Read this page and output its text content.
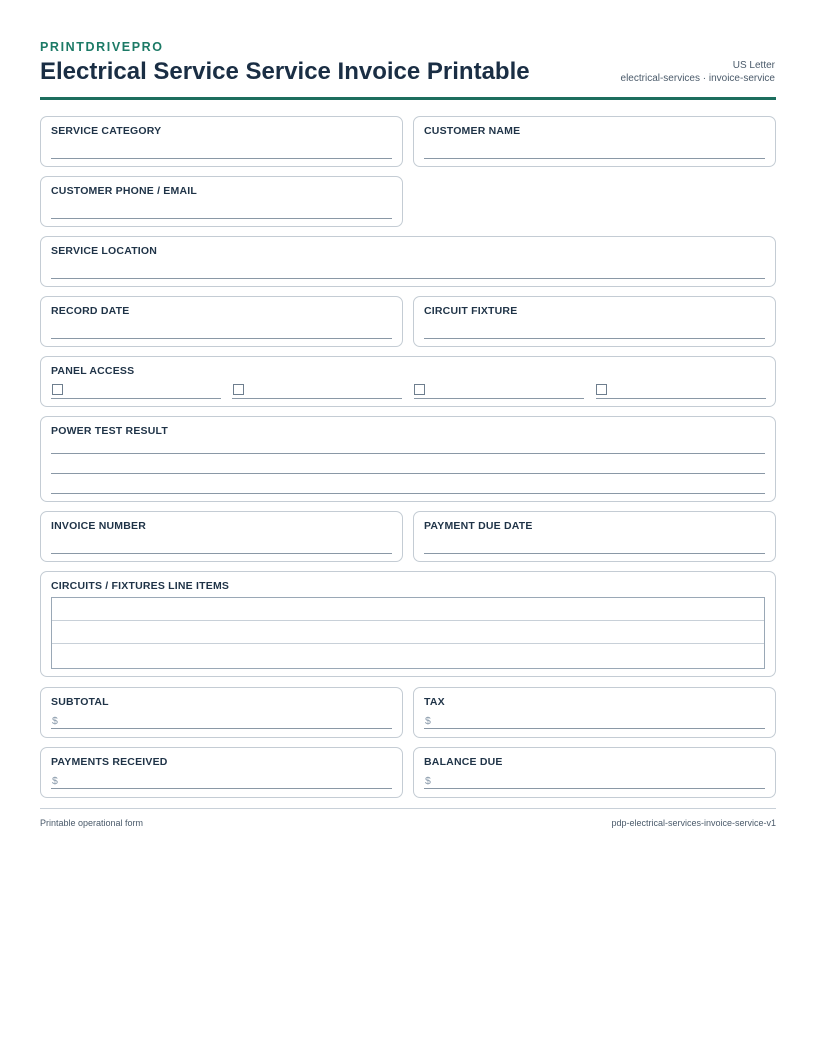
PRINTDRIVEPRO
Electrical Service Service Invoice Printable	US Letter
electrical-services · invoice-service
SERVICE CATEGORY	CUSTOMER NAME
CUSTOMER PHONE / EMAIL
SERVICE LOCATION
RECORD DATE	CIRCUIT FIXTURE
PANEL ACCESS
POWER TEST RESULT
INVOICE NUMBER	PAYMENT DUE DATE
CIRCUITS / FIXTURES LINE ITEMS
SUBTOTAL
$
TAX
$
PAYMENTS RECEIVED
$
BALANCE DUE
$
Printable operational form	pdp-electrical-services-invoice-service-v1
